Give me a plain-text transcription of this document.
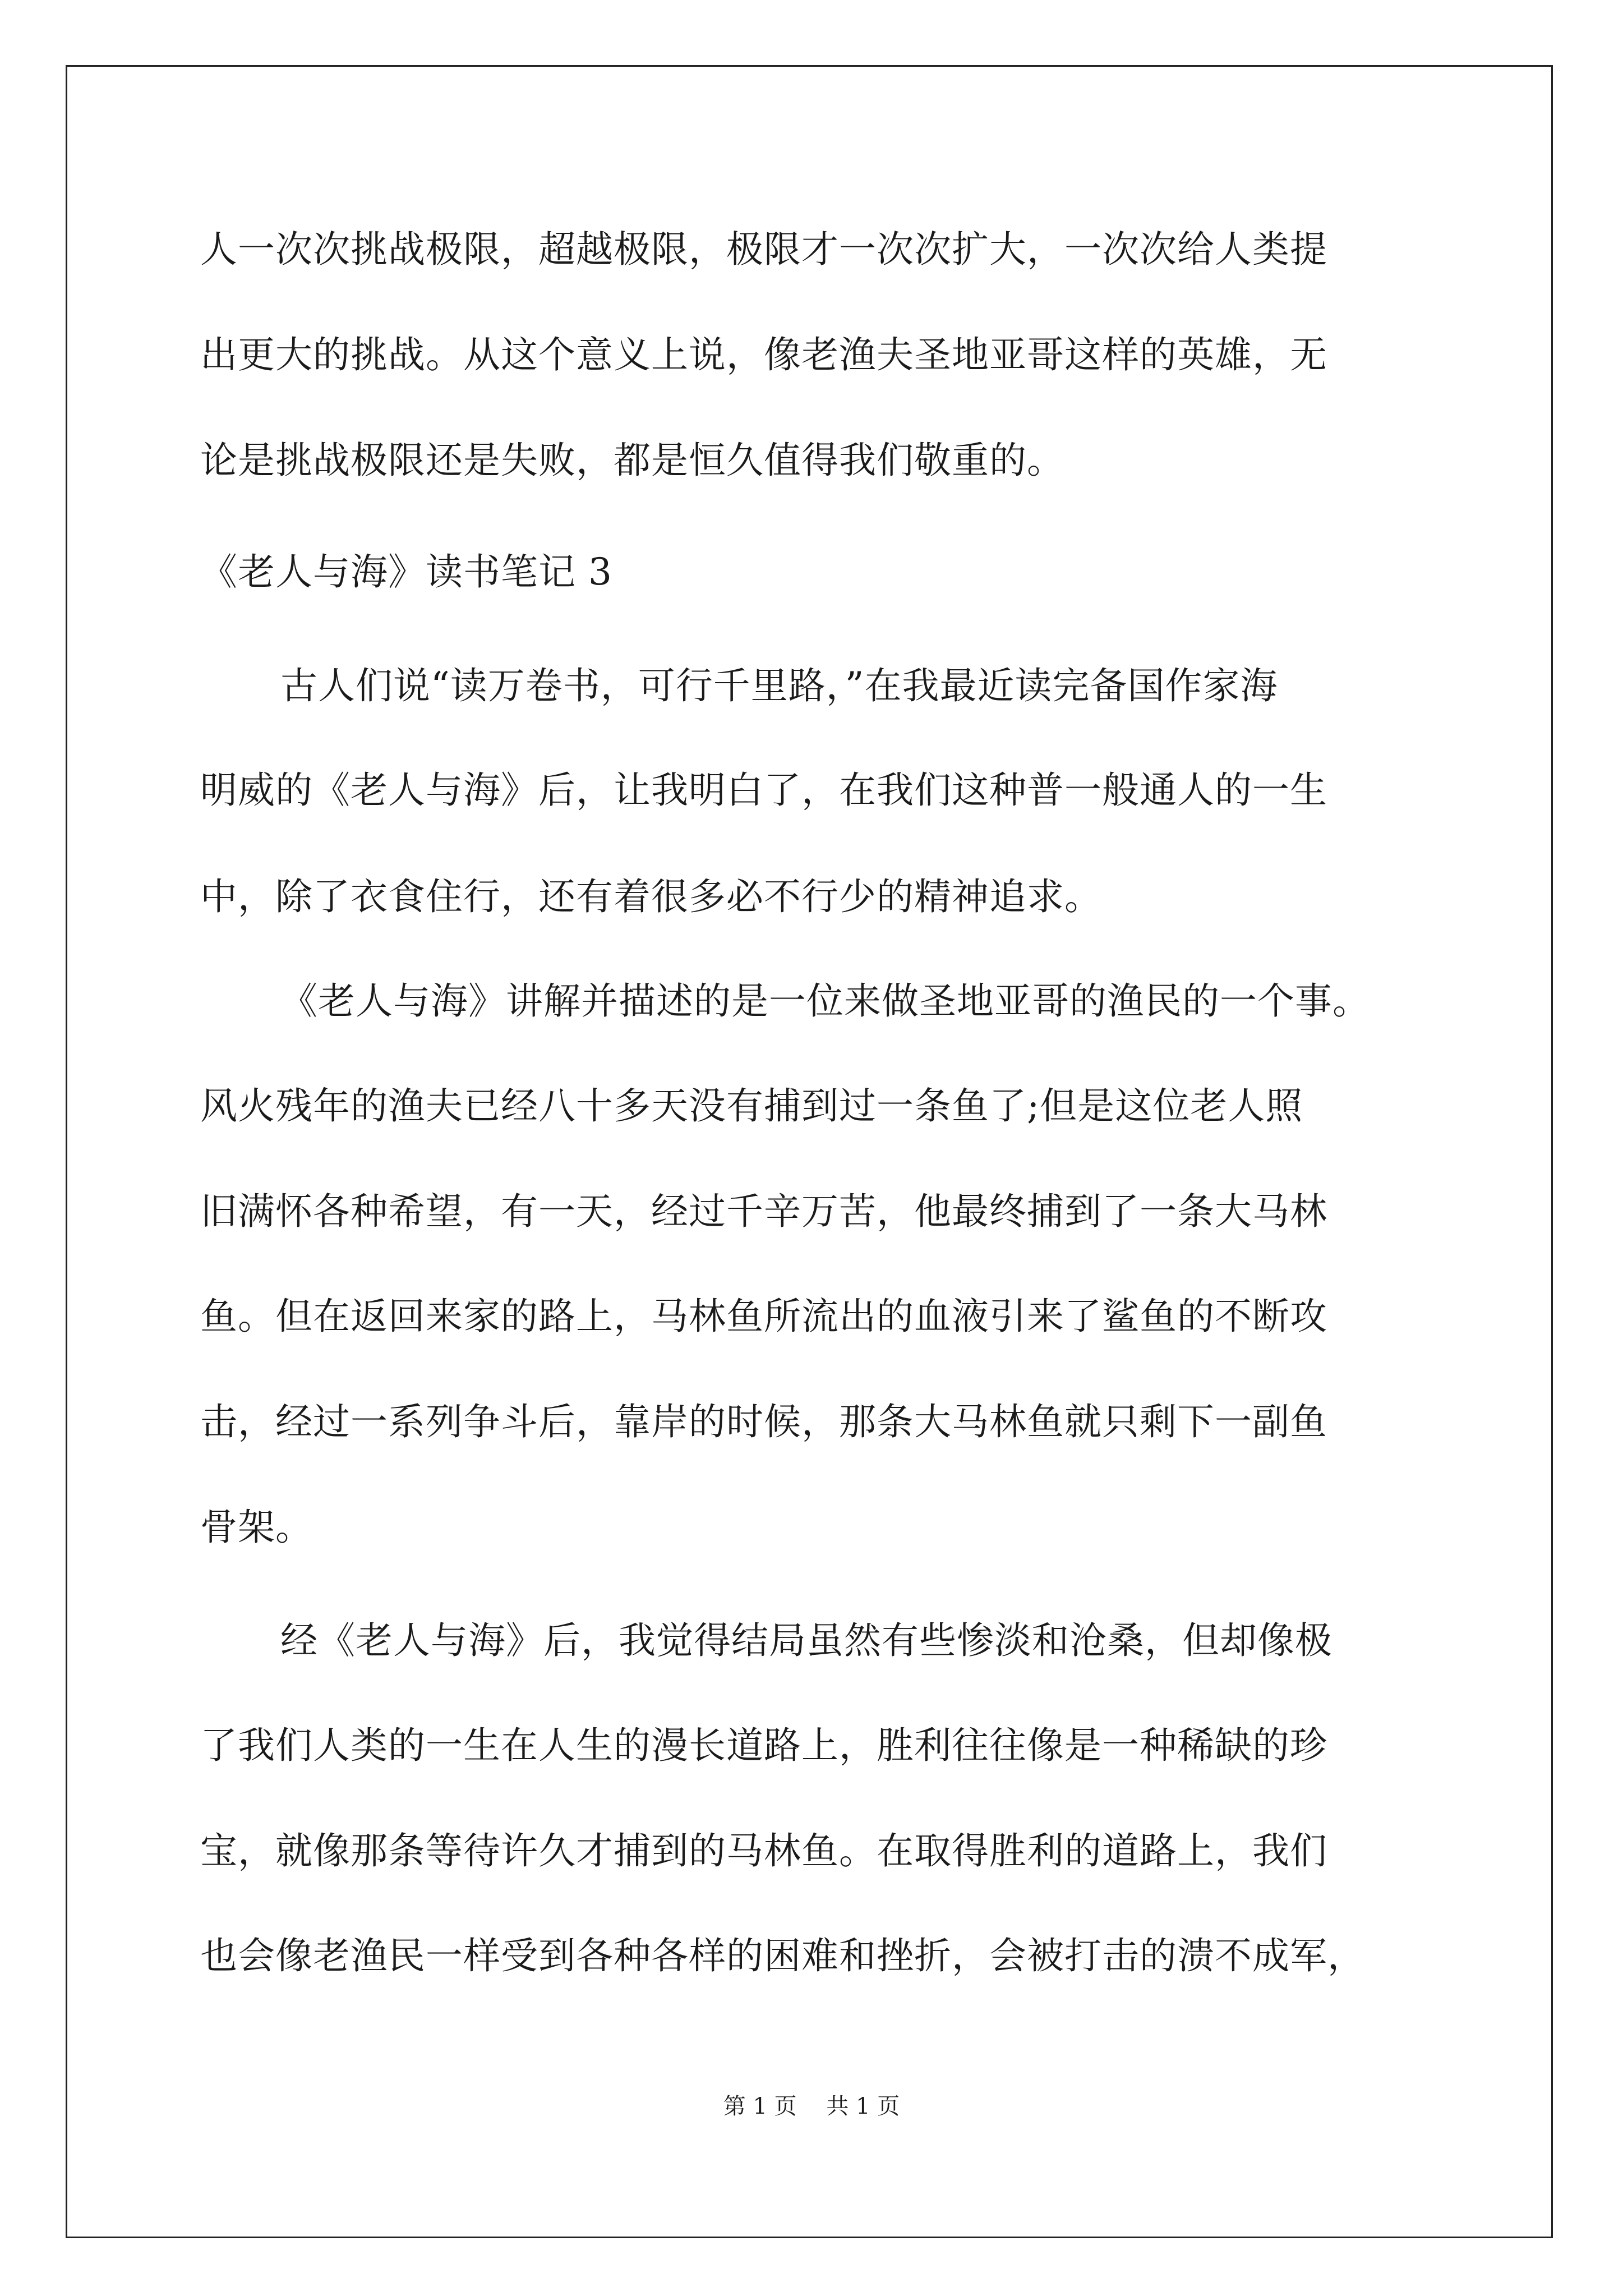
人一次次挑战极限，超越极限，极限才一次次扩大，一次次给人类提
出更大的挑战。从这个意义上说，像老渔夫圣地亚哥这样的英雄，无
论是挑战极限还是失败，都是恒久值得我们敬重的。
《老人与海》读书笔记 3
古人们说“读万卷书，可行千里路，”在我最近读完备国作家海
明威的《老人与海》后，让我明白了，在我们这种普一般通人的一生
中，除了衣食住行，还有着很多必不行少的精神追求。
《老人与海》讲解并描述的是一位来做圣地亚哥的渔民的一个事。
风火残年的渔夫已经八十多天没有捕到过一条鱼了;但是这位老人照
旧满怀各种希望，有一天，经过千辛万苦，他最终捕到了一条大马林
鱼。但在返回来家的路上，马林鱼所流出的血液引来了鲨鱼的不断攻
击，经过一系列争斗后，靠岸的时候，那条大马林鱼就只剩下一副鱼
骨架。
经《老人与海》后，我觉得结局虽然有些惨淡和沧桑，但却像极
了我们人类的一生在人生的漫长道路上，胜利往往像是一种稀缺的珍
宝，就像那条等待许久才捕到的马林鱼。在取得胜利的道路上，我们
也会像老渔民一样受到各种各样的困难和挫折，会被打击的溃不成军，
第 1 页 共 1 页
